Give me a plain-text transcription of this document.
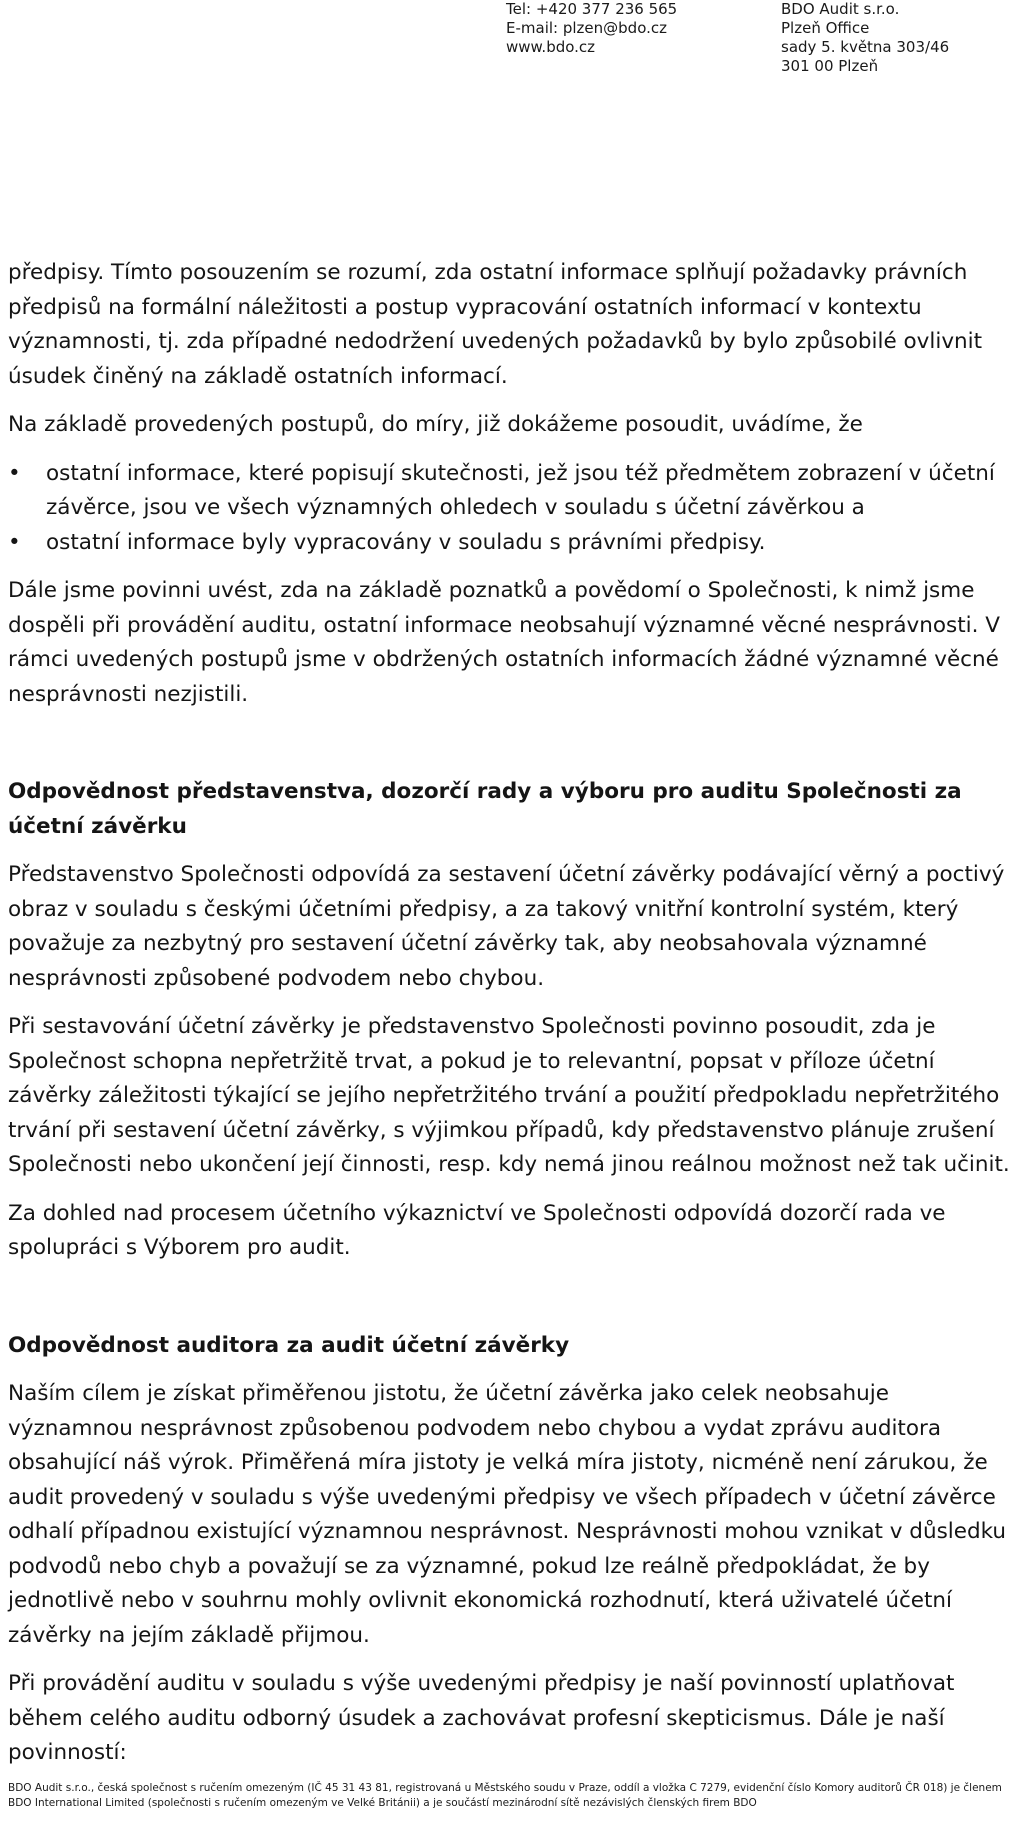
Tel: +420 377 236 565
E-mail: plzen@bdo.cz
www.bdo.cz
BDO Audit s.r.o.
Plzeň Office
sady 5. května 303/46
301 00 Plzeň

předpisy. Tímto posouzením se rozumí, zda ostatní informace splňují požadavky právních předpisů na formální náležitosti a postup vypracování ostatních informací v kontextu významnosti, tj. zda případné nedodržení uvedených požadavků by bylo způsobilé ovlivnit úsudek činěný na základě ostatních informací.

Na základě provedených postupů, do míry, již dokážeme posoudit, uvádíme, že

• ostatní informace, které popisují skutečnosti, jež jsou též předmětem zobrazení v účetní závěrce, jsou ve všech významných ohledech v souladu s účetní závěrkou a
• ostatní informace byly vypracovány v souladu s právními předpisy.

Dále jsme povinni uvést, zda na základě poznatků a povědomí o Společnosti, k nimž jsme dospěli při provádění auditu, ostatní informace neobsahují významné věcné nesprávnosti. V rámci uvedených postupů jsme v obdržených ostatních informacích žádné významné věcné nesprávnosti nezjistili.

Odpovědnost představenstva, dozorčí rady a výboru pro auditu Společnosti za účetní závěrku

Představenstvo Společnosti odpovídá za sestavení účetní závěrky podávající věrný a poctivý obraz v souladu s českými účetními předpisy, a za takový vnitřní kontrolní systém, který považuje za nezbytný pro sestavení účetní závěrky tak, aby neobsahovala významné nesprávnosti způsobené podvodem nebo chybou.

Při sestavování účetní závěrky je představenstvo Společnosti povinno posoudit, zda je Společnost schopna nepřetržitě trvat, a pokud je to relevantní, popsat v příloze účetní závěrky záležitosti týkající se jejího nepřetržitého trvání a použití předpokladu nepřetržitého trvání při sestavení účetní závěrky, s výjimkou případů, kdy představenstvo plánuje zrušení Společnosti nebo ukončení její činnosti, resp. kdy nemá jinou reálnou možnost než tak učinit.

Za dohled nad procesem účetního výkaznictví ve Společnosti odpovídá dozorčí rada ve spolupráci s Výborem pro audit.

Odpovědnost auditora za audit účetní závěrky

Naším cílem je získat přiměřenou jistotu, že účetní závěrka jako celek neobsahuje významnou nesprávnost způsobenou podvodem nebo chybou a vydat zprávu auditora obsahující náš výrok. Přiměřená míra jistoty je velká míra jistoty, nicméně není zárukou, že audit provedený v souladu s výše uvedenými předpisy ve všech případech v účetní závěrce odhalí případnou existující významnou nesprávnost. Nesprávnosti mohou vznikat v důsledku podvodů nebo chyb a považují se za významné, pokud lze reálně předpokládat, že by jednotlivě nebo v souhrnu mohly ovlivnit ekonomická rozhodnutí, která uživatelé účetní závěrky na jejím základě přijmou.

Při provádění auditu v souladu s výše uvedenými předpisy je naší povinností uplatňovat během celého auditu odborný úsudek a zachovávat profesní skepticismus. Dále je naší povinností:

BDO Audit s.r.o., česká společnost s ručením omezeným (IČ 45 31 43 81, registrovaná u Městského soudu v Praze, oddíl a vložka C 7279, evidenční číslo Komory auditorů ČR 018) je členem BDO International Limited (společnosti s ručením omezeným ve Velké Británii) a je součástí mezinárodní sítě nezávislých členských firem BDO
